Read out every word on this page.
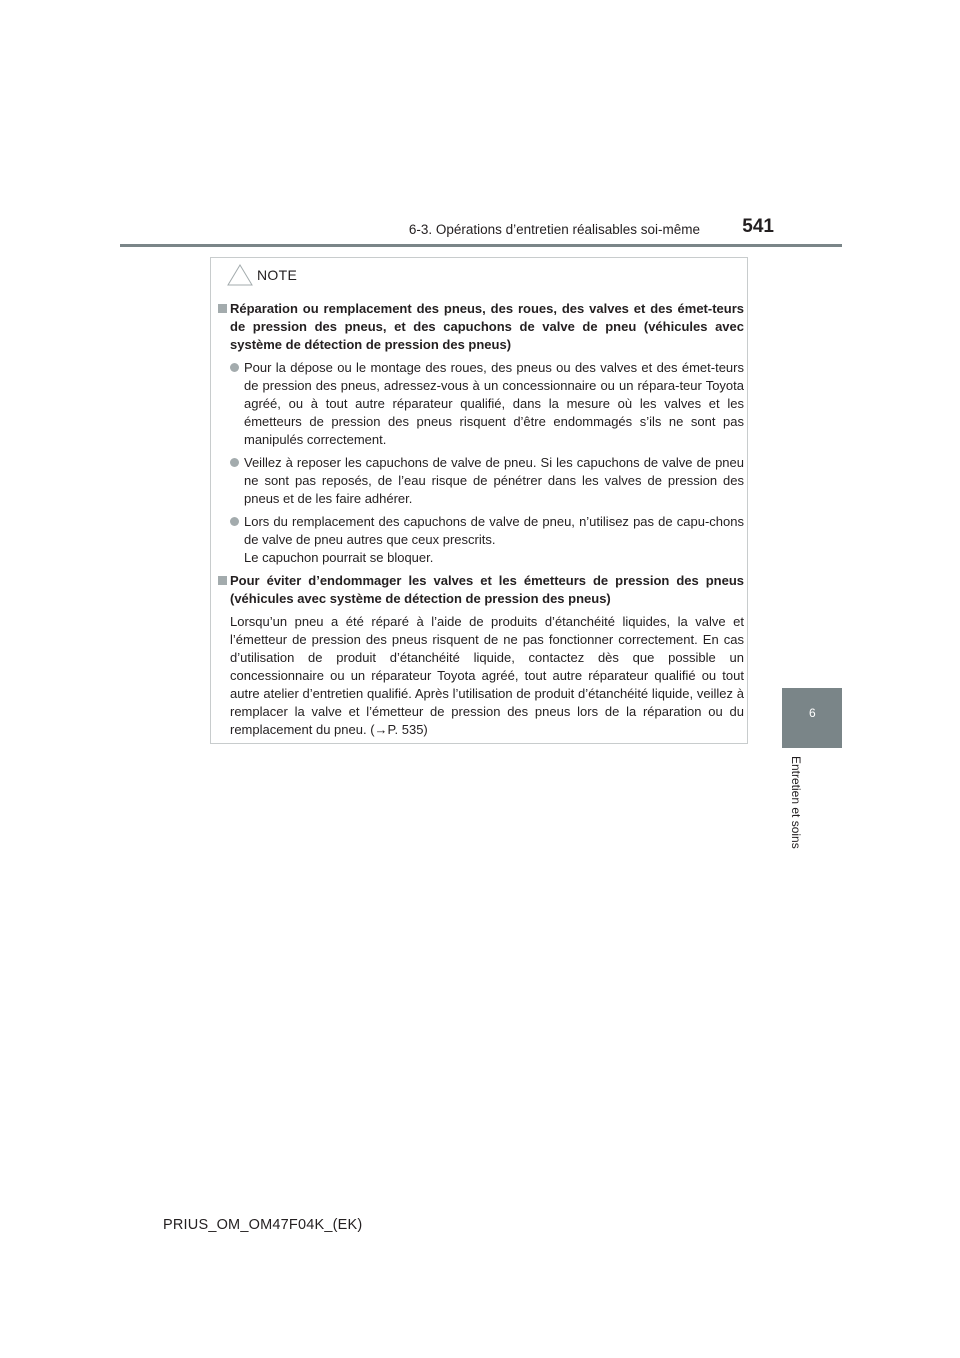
6-3. Opérations d’entretien réalisables soi-même	541
6
Entretien et soins
NOTE
Réparation ou remplacement des pneus, des roues, des valves et des émet-teurs de pression des pneus, et des capuchons de valve de pneu (véhicules avec système de détection de pression des pneus)
Pour la dépose ou le montage des roues, des pneus ou des valves et des émet-teurs de pression des pneus, adressez-vous à un concessionnaire ou un répara-teur Toyota agréé, ou à tout autre réparateur qualifié, dans la mesure où les valves et les émetteurs de pression des pneus risquent d’être endommagés s’ils ne sont pas manipulés correctement.
Veillez à reposer les capuchons de valve de pneu. Si les capuchons de valve de pneu ne sont pas reposés, de l’eau risque de pénétrer dans les valves de pression des pneus et de les faire adhérer.
Lors du remplacement des capuchons de valve de pneu, n’utilisez pas de capu-chons de valve de pneu autres que ceux prescrits.
Le capuchon pourrait se bloquer.
Pour éviter d’endommager les valves et les émetteurs de pression des pneus (véhicules avec système de détection de pression des pneus)
Lorsqu’un pneu a été réparé à l’aide de produits d’étanchéité liquides, la valve et l’émetteur de pression des pneus risquent de ne pas fonctionner correctement. En cas d’utilisation de produit d’étanchéité liquide, contactez dès que possible un concessionnaire ou un réparateur Toyota agréé, tout autre réparateur qualifié ou tout autre atelier d’entretien qualifié. Après l’utilisation de produit d’étanchéité liquide, veillez à remplacer la valve et l’émetteur de pression des pneus lors de la réparation ou du remplacement du pneu. (→P. 535)
PRIUS_OM_OM47F04K_(EK)
